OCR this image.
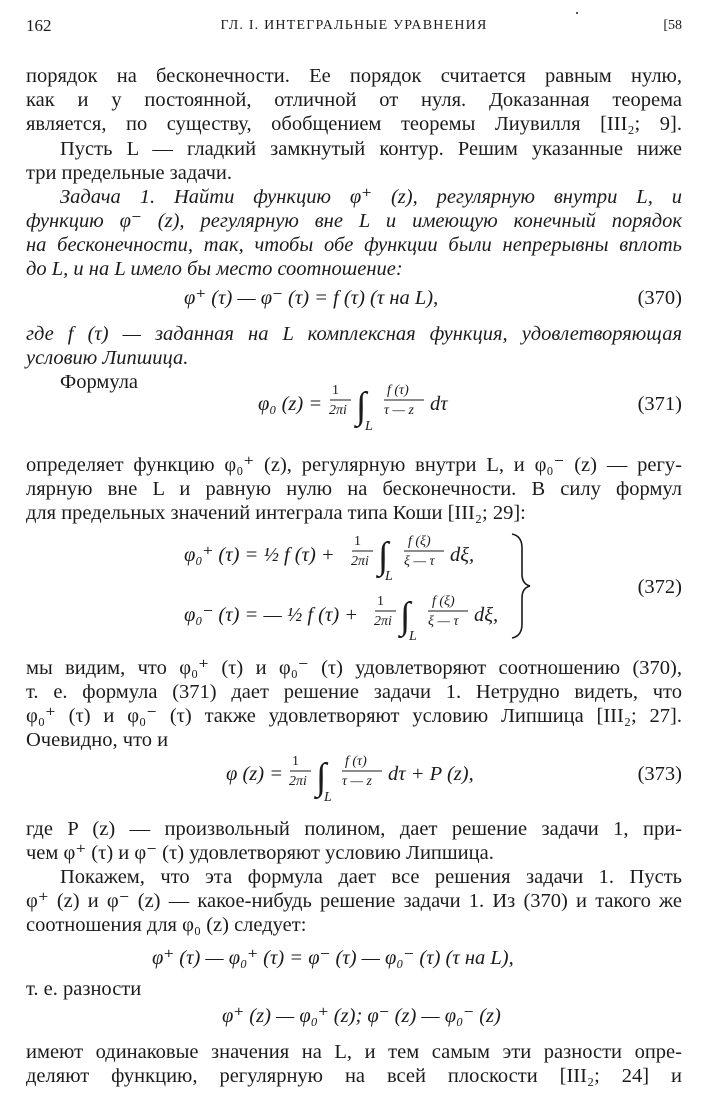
162	ГЛ. I. ИНТЕГРАЛЬНЫЕ УРАВНЕНИЯ	[58
порядок на бесконечности. Ее порядок считается равным нулю,
как и у постоянной, отличной от нуля. Доказанная теорема
является, по существу, обобщением теоремы Лиувилля [III₂; 9].
Пусть L — гладкий замкнутый контур. Решим указанные ниже
три предельные задачи.
Задача 1. Найти функцию φ⁺ (z), регулярную внутри L, и
функцию φ⁻ (z), регулярную вне L и имеющую конечный порядок
на бесконечности, так, чтобы обе функции были непрерывны вплоть
до L, и на L имело бы место соотношение:
φ⁺ (τ) — φ⁻ (τ) = f (τ) (τ на L),	(370)
где f (τ) — заданная на L комплексная функция, удовлетворяющая
условию Липшица.
Формула	1
2πi ∫
L
f (τ)
τ — z
1
2πi ∫
L
f (ξ)
ξ — τ
1
2πi ∫
L
f (ξ)
ξ — τ
1
2πi ∫
L
f (τ)
τ — z
φ₀ (z) =	dτ	(371)
определяет функцию φ₀⁺ (z), регулярную внутри L, и φ₀⁻ (z) — регу-
лярную вне L и равную нулю на бесконечности. В силу формул
для предельных значений интеграла типа Коши [III₂; 29]:
φ₀⁺ (τ) = ½ f (τ) +	dξ,
φ₀⁻ (τ) = — ½ f (τ) +	dξ,
(372)
мы видим, что φ₀⁺ (τ) и φ₀⁻ (τ) удовлетворяют соотношению (370),
т. е. формула (371) дает решение задачи 1. Нетрудно видеть, что
φ₀⁺ (τ) и φ₀⁻ (τ) также удовлетворяют условию Липшица [III₂; 27].
Очевидно, что и
φ (z) =	dτ + P (z),	(373)
где P (z) — произвольный полином, дает решение задачи 1, при-
чем φ⁺ (τ) и φ⁻ (τ) удовлетворяют условию Липшица.
Покажем, что эта формула дает все решения задачи 1. Пусть
φ⁺ (z) и φ⁻ (z) — какое-нибудь решение задачи 1. Из (370) и такого же
соотношения для φ₀ (z) следует:
φ⁺ (τ) — φ₀⁺ (τ) = φ⁻ (τ) — φ₀⁻ (τ) (τ на L),
т. е. разности
φ⁺ (z) — φ₀⁺ (z); φ⁻ (z) — φ₀⁻ (z)
имеют одинаковые значения на L, и тем самым эти разности опре-
деляют функцию, регулярную на всей плоскости [III₂; 24] и
